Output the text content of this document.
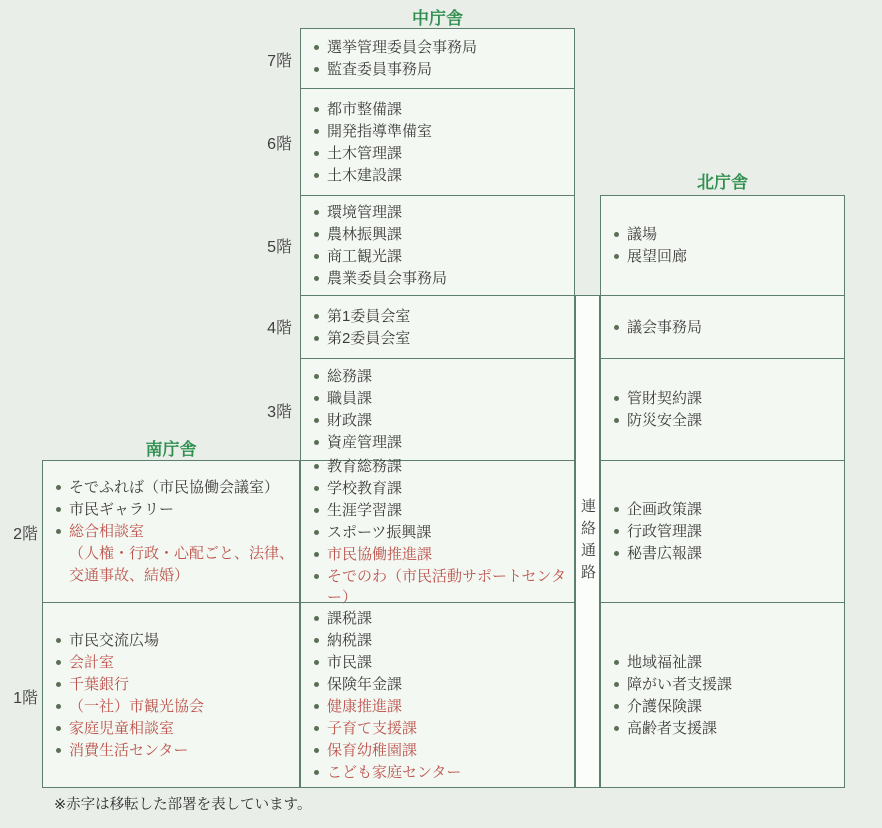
中庁舎
北庁舎
南庁舎
7階
6階
5階
4階
3階
2階
1階
選挙管理委員会事務局
監査委員事務局
都市整備課
開発指導準備室
土木管理課
土木建設課
環境管理課
農林振興課
商工観光課
農業委員会事務局
第1委員会室
第2委員会室
総務課
職員課
財政課
資産管理課
教育総務課
学校教育課
生涯学習課
スポーツ振興課
市民協働推進課
そでのわ（市民活動サポートセンター）
課税課
納税課
市民課
保険年金課
健康推進課
子育て支援課
保育幼稚園課
こども家庭センター
連絡通路
議場
展望回廊
議会事務局
管財契約課
防災安全課
企画政策課
行政管理課
秘書広報課
地域福祉課
障がい者支援課
介護保険課
高齢者支援課
そでふれば（市民協働会議室）
市民ギャラリー
総合相談室
（人権・行政・心配ごと、法律、
交通事故、結婚）
市民交流広場
会計室
千葉銀行
（一社）市観光協会
家庭児童相談室
消費生活センター
※赤字は移転した部署を表しています。
